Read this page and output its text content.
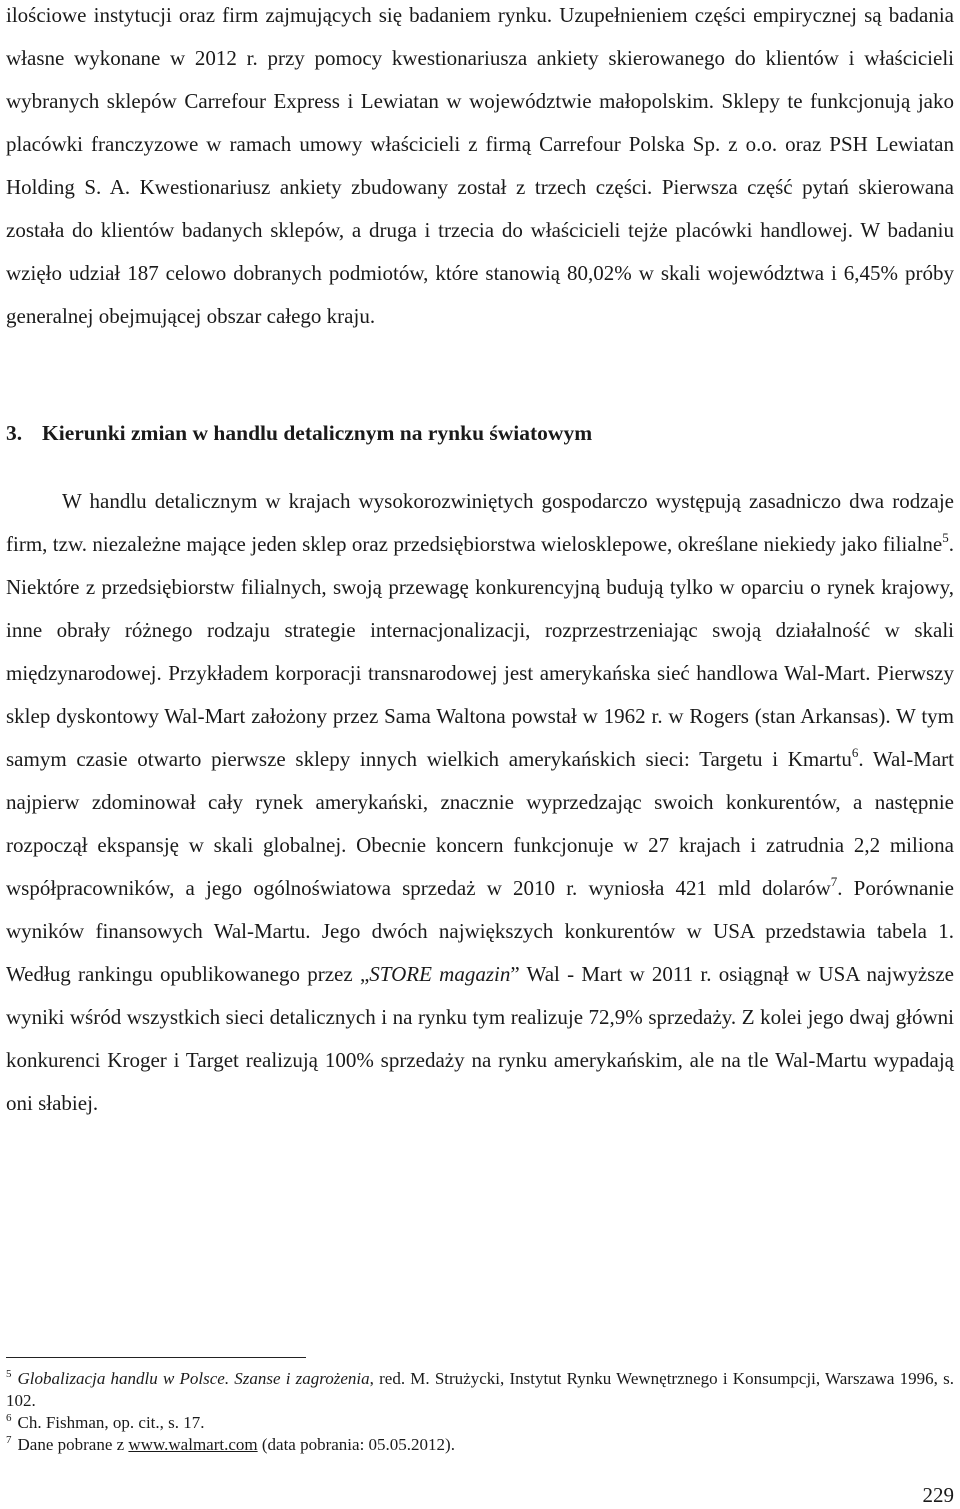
ilościowe instytucji oraz firm zajmujących się badaniem rynku. Uzupełnieniem części empirycznej są badania własne wykonane w 2012 r. przy pomocy kwestionariusza ankiety skierowanego do klientów i właścicieli wybranych sklepów Carrefour Express i Lewiatan w województwie małopolskim. Sklepy te funkcjonują jako placówki franczyzowe w ramach umowy właścicieli z firmą Carrefour Polska Sp. z o.o. oraz PSH Lewiatan Holding S. A. Kwestionariusz ankiety zbudowany został z trzech części. Pierwsza część pytań skierowana została do klientów badanych sklepów, a druga i trzecia do właścicieli tejże placówki handlowej. W badaniu wzięło udział 187 celowo dobranych podmiotów, które stanowią 80,02% w skali województwa i 6,45% próby generalnej obejmującej obszar całego kraju.

3. Kierunki zmian w handlu detalicznym na rynku światowym

W handlu detalicznym w krajach wysokorozwiniętych gospodarczo występują zasadniczo dwa rodzaje firm, tzw. niezależne mające jeden sklep oraz przedsiębiorstwa wielosklepowe, określane niekiedy jako filialne$^5$. Niektóre z przedsiębiorstw filialnych, swoją przewagę konkurencyjną budują tylko w oparciu o rynek krajowy, inne obrały różnego rodzaju strategie internacjonalizacji, rozprzestrzeniając swoją działalność w skali międzynarodowej. Przykładem korporacji transnarodowej jest amerykańska sieć handlowa Wal-Mart. Pierwszy sklep dyskontowy Wal-Mart założony przez Sama Waltona powstał w 1962 r. w Rogers (stan Arkansas). W tym samym czasie otwarto pierwsze sklepy innych wielkich amerykańskich sieci: Targetu i Kmartu$^6$. Wal-Mart najpierw zdominował cały rynek amerykański, znacznie wyprzedzając swoich konkurentów, a następnie rozpoczął ekspansję w skali globalnej. Obecnie koncern funkcjonuje w 27 krajach i zatrudnia 2,2 miliona współpracowników, a jego ogólnoświatowa sprzedaż w 2010 r. wyniosła 421 mld dolarów$^7$. Porównanie wyników finansowych Wal-Martu. Jego dwóch największych konkurentów w USA przedstawia tabela 1. Według rankingu opublikowanego przez „STORE magazin” Wal - Mart w 2011 r. osiągnął w USA najwyższe wyniki wśród wszystkich sieci detalicznych i na rynku tym realizuje 72,9% sprzedaży. Z kolei jego dwaj główni konkurenci Kroger i Target realizują 100% sprzedaży na rynku amerykańskim, ale na tle Wal-Martu wypadają oni słabiej.

$^5$ Globalizacja handlu w Polsce. Szanse i zagrożenia, red. M. Strużycki, Instytut Rynku Wewnętrznego i Konsumpcji, Warszawa 1996, s. 102.

$^6$ Ch. Fishman, op. cit., s. 17.

$^7$ Dane pobrane z www.walmart.com (data pobrania: 05.05.2012).

229
